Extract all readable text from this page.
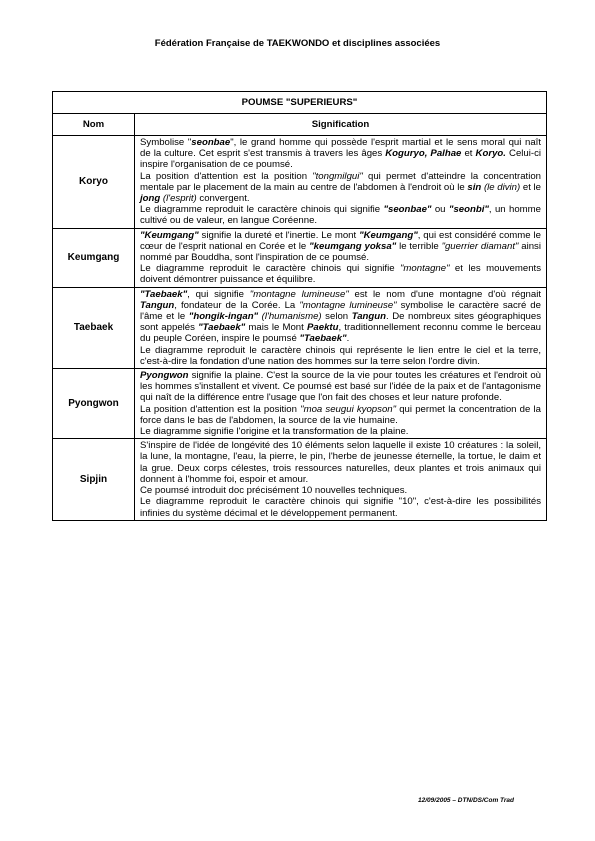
Fédération Française de TAEKWONDO et disciplines associées
POUMSE "SUPERIEURS"	
Nom	Signification
Koryo	Symbolise "seonbae", le grand homme qui possède l'esprit martial et le sens moral qui naît de la culture. Cet esprit s'est transmis à travers les âges Koguryo, Palhae et Koryo. Celui-ci inspire l'organisation de ce poumsé.

La position d'attention est la position "tongmilgui" qui permet d'atteindre la concentration mentale par le placement de la main au centre de l'abdomen à l'endroit où le sin (le divin) et le jong (l'esprit) convergent.

Le diagramme reproduit le caractère chinois qui signifie "seonbae" ou "seonbi", un homme cultivé ou de valeur, en langue Coréenne.

Keumgang	"Keumgang" signifie la dureté et l'inertie. Le mont "Keumgang", qui est considéré comme le cœur de l'esprit national en Corée et le "keumgang yoksa" le terrible "guerrier diamant" ainsi nommé par Bouddha, sont l'inspiration de ce poumsé.

Le diagramme reproduit le caractère chinois qui signifie "montagne" et les mouvements doivent démontrer puissance et équilibre.

Taebaek	"Taebaek", qui signifie "montagne lumineuse" est le nom d'une montagne d'où régnait Tangun, fondateur de la Corée. La "montagne lumineuse" symbolise le caractère sacré de l'âme et le "hongik-ingan" (l'humanisme) selon Tangun. De nombreux sites géographiques sont appelés "Taebaek" mais le Mont Paektu, traditionnellement reconnu comme le berceau du peuple Coréen, inspire le poumsé "Taebaek".

Le diagramme reproduit le caractère chinois qui représente le lien entre le ciel et la terre, c'est-à-dire la fondation d'une nation des hommes sur la terre selon l'ordre divin.

Pyongwon	Pyongwon signifie la plaine. C'est la source de la vie pour toutes les créatures et l'endroit où les hommes s'installent et vivent. Ce poumsé est basé sur l'idée de la paix et de l'antagonisme qui naît de la différence entre l'usage que l'on fait des choses et leur nature profonde.

La position d'attention est la position "moa seugui kyopson" qui permet la concentration de la force dans le bas de l'abdomen, la source de la vie humaine.

Le diagramme signifie l'origine et la transformation de la plaine.

Sipjin	S'inspire de l'idée de longévité des 10 éléments selon laquelle il existe 10 créatures : la soleil, la lune, la montagne, l'eau, la pierre, le pin, l'herbe de jeunesse éternelle, la tortue, le daim et la grue. Deux corps célestes, trois ressources naturelles, deux plantes et trois animaux qui donnent à l'homme foi, espoir et amour.

Ce poumsé introduit doc précisément 10 nouvelles techniques.

Le diagramme reproduit le caractère chinois qui signifie "10", c'est-à-dire les possibilités infinies du système décimal et le développement permanent.

12/09/2005 – DTN/DS/Com Trad
